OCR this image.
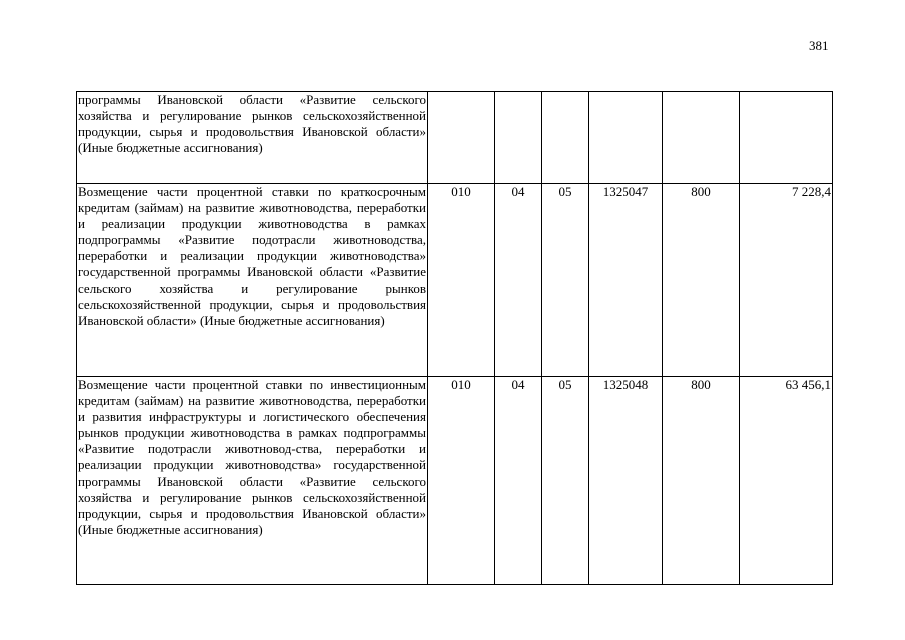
381
программы Ивановской области «Развитие сельского хозяйства и регулирование рынков сельскохозяйственной продукции, сырья и продовольствия Ивановской области» (Иные бюджетные ассигнования)						
Возмещение части процентной ставки по краткосрочным кредитам (займам) на развитие животноводства, переработки и реализации продукции животноводства в рамках подпрограммы «Развитие подотрасли животноводства, переработки и реализации продукции животноводства» государственной программы Ивановской области «Развитие сельского хозяйства и регулирование рынков сельскохозяйственной продукции, сырья и продовольствия Ивановской области» (Иные бюджетные ассигнования)	010	04	05	1325047	800	7 228,4
Возмещение части процентной ставки по инвестиционным кредитам (займам) на развитие животноводства, переработки и развития инфраструктуры и логистического обеспечения рынков продукции животноводства в рамках подпрограммы «Развитие подотрасли животновод-ства, переработки и реализации продукции животноводства» государственной программы Ивановской области «Развитие сельского хозяйства и регулирование рынков сельскохозяйственной продукции, сырья и продовольствия Ивановской области» (Иные бюджетные ассигнования)	010	04	05	1325048	800	63 456,1
